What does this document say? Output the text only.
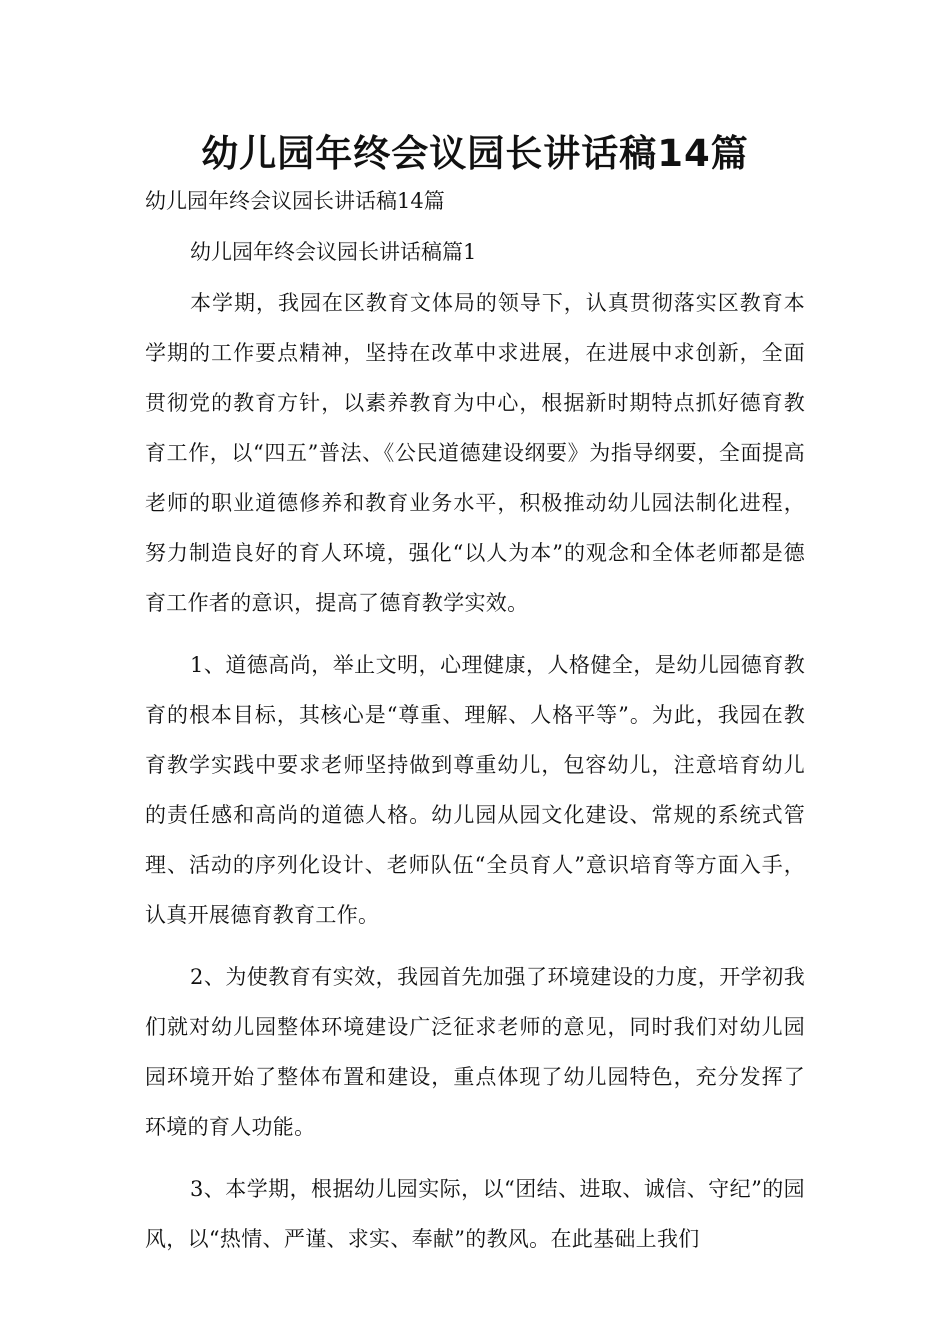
幼儿园年终会议园长讲话稿14篇

幼儿园年终会议园长讲话稿14篇

幼儿园年终会议园长讲话稿篇1

本学期，我园在区教育文体局的领导下，认真贯彻落实区教育本学期的工作要点精神，坚持在改革中求进展，在进展中求创新，全面贯彻党的教育方针，以素养教育为中心，根据新时期特点抓好德育教育工作，以“四五”普法、《公民道德建设纲要》为指导纲要，全面提高老师的职业道德修养和教育业务水平，积极推动幼儿园法制化进程，努力制造良好的育人环境，强化“以人为本”的观念和全体老师都是德育工作者的意识，提高了德育教学实效。

1、道德高尚，举止文明，心理健康，人格健全，是幼儿园德育教育的根本目标，其核心是“尊重、理解、人格平等”。为此，我园在教育教学实践中要求老师坚持做到尊重幼儿，包容幼儿，注意培育幼儿的责任感和高尚的道德人格。幼儿园从园文化建设、常规的系统式管理、活动的序列化设计、老师队伍“全员育人”意识培育等方面入手，认真开展德育教育工作。

2、为使教育有实效，我园首先加强了环境建设的力度，开学初我们就对幼儿园整体环境建设广泛征求老师的意见，同时我们对幼儿园园环境开始了整体布置和建设，重点体现了幼儿园特色，充分发挥了环境的育人功能。

3、本学期，根据幼儿园实际，以“团结、进取、诚信、守纪”的园风，以“热情、严谨、求实、奉献”的教风。在此基础上我们
